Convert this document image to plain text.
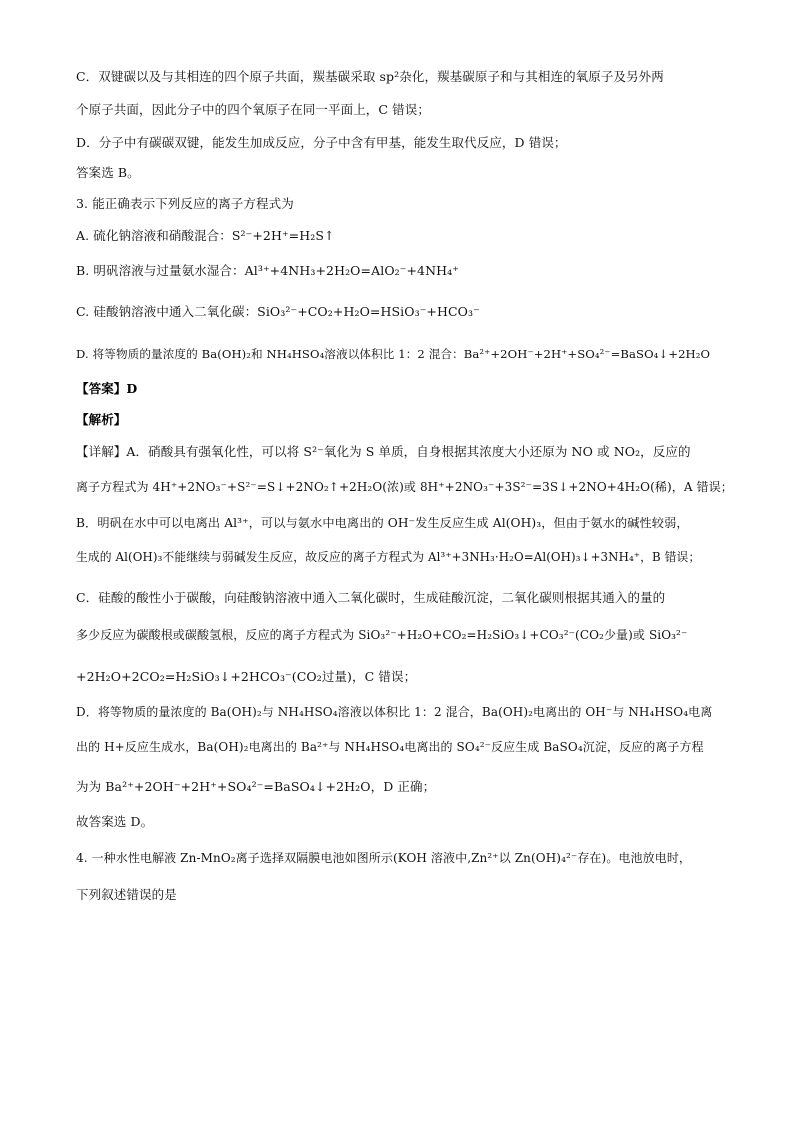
C．双键碳以及与其相连的四个原子共面，羰基碳采取 sp²杂化，羰基碳原子和与其相连的氧原子及另外两
个原子共面，因此分子中的四个氧原子在同一平面上，C 错误；
D．分子中有碳碳双键，能发生加成反应，分子中含有甲基，能发生取代反应，D 错误；
答案选 B。
3. 能正确表示下列反应的离子方程式为
A. 硫化钠溶液和硝酸混合：S²⁻+2H⁺=H₂S↑
B. 明矾溶液与过量氨水湿合：Al³⁺+4NH₃+2H₂O=AlO₂⁻+4NH₄⁺
C. 硅酸钠溶液中通入二氧化碳：SiO₃²⁻+CO₂+H₂O=HSiO₃⁻+HCO₃⁻
D. 将等物质的量浓度的 Ba(OH)₂和 NH₄HSO₄溶液以体积比 1：2 混合：Ba²⁺+2OH⁻+2H⁺+SO₄²⁻=BaSO₄↓+2H₂O
【答案】D
【解析】
【详解】A．硝酸具有强氧化性，可以将 S²⁻氧化为 S 单质，自身根据其浓度大小还原为 NO 或 NO₂，反应的
离子方程式为 4H⁺+2NO₃⁻+S²⁻=S↓+2NO₂↑+2H₂O(浓)或 8H⁺+2NO₃⁻+3S²⁻=3S↓+2NO+4H₂O(稀)，A 错误；
B．明矾在水中可以电离出 Al³⁺，可以与氨水中电离出的 OH⁻发生反应生成 Al(OH)₃，但由于氨水的碱性较弱，
生成的 Al(OH)₃不能继续与弱碱发生反应，故反应的离子方程式为 Al³⁺+3NH₃·H₂O=Al(OH)₃↓+3NH₄⁺，B 错误；
C．硅酸的酸性小于碳酸，向硅酸钠溶液中通入二氧化碳时，生成硅酸沉淀，二氧化碳则根据其通入的量的
多少反应为碳酸根或碳酸氢根，反应的离子方程式为 SiO₃²⁻+H₂O+CO₂=H₂SiO₃↓+CO₃²⁻(CO₂少量)或 SiO₃²⁻
+2H₂O+2CO₂=H₂SiO₃↓+2HCO₃⁻(CO₂过量)，C 错误；
D．将等物质的量浓度的 Ba(OH)₂与 NH₄HSO₄溶液以体积比 1：2 混合，Ba(OH)₂电离出的 OH⁻与 NH₄HSO₄电离
出的 H+反应生成水，Ba(OH)₂电离出的 Ba²⁺与 NH₄HSO₄电离出的 SO₄²⁻反应生成 BaSO₄沉淀，反应的离子方程
为为 Ba²⁺+2OH⁻+2H⁺+SO₄²⁻=BaSO₄↓+2H₂O，D 正确；
故答案选 D。
4. 一种水性电解液 Zn-MnO₂离子选择双隔膜电池如图所示(KOH 溶液中,Zn²⁺以 Zn(OH)₄²⁻存在)。电池放电时，
下列叙述错误的是
